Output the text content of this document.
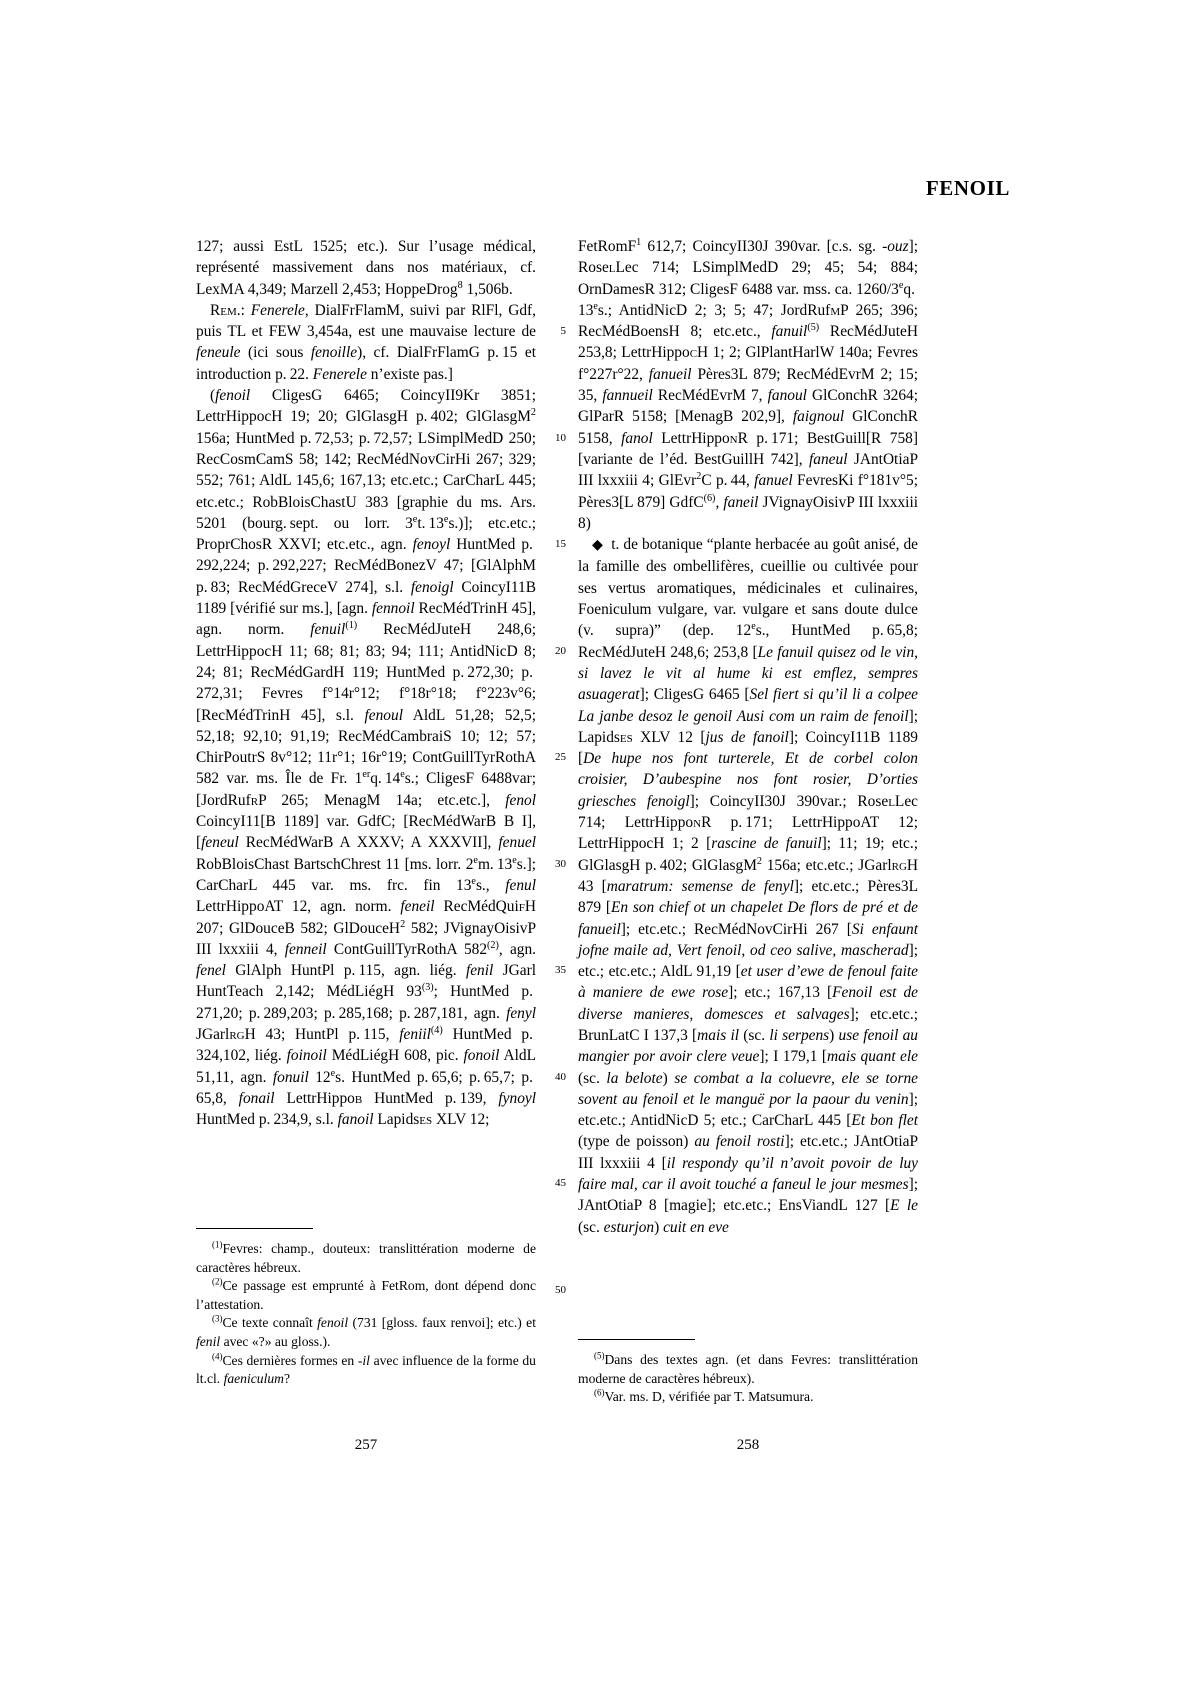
FENOIL
5
10
15
20
25
30
35
40
45
50

127; aussi EstL 1525; etc.). Sur l’usage médical, représenté massivement dans nos matériaux, cf. LexMA 4,349; Marzell 2,453; HoppeDrog$^8$ 1,506b.

Rem.: Fenerele, DialFrFlamM, suivi par RlFl, Gdf, puis TL et FEW 3,454a, est une mauvaise lecture de feneule (ici sous fenoille), cf. DialFrFlamG p. 15 et introduction p. 22. Fenerele n’existe pas.]

(fenoil CligesG 6465; CoincyII9Kr 3851; LettrHippocH 19; 20; GlGlasgH p. 402; GlGlasgM$^2$ 156a; HuntMed p. 72,53; p. 72,57; LSimplMedD 250; RecCosmCamS 58; 142; RecMédNovCirHi 267; 329; 552; 761; AldL 145,6; 167,13; etc.etc.; CarCharL 445; etc.etc.; RobBloisChastU 383 [graphie du ms. Ars. 5201 (bourg. sept. ou lorr. 3et. 13es.)]; etc.etc.; ProprChosR XXVI; etc.etc., agn. fenoyl HuntMed p. 292,224; p. 292,227; RecMédBonezV 47; [GlAlphM p. 83; RecMédGreceV 274], s.l. fenoigl CoincyI11B 1189 [vérifié sur ms.], [agn. fennoil RecMédTrinH 45], agn. norm. fenuil$^{(1)}$ RecMédJuteH 248,6; LettrHippocH 11; 68; 81; 83; 94; 111; AntidNicD 8; 24; 81; RecMédGardH 119; HuntMed p. 272,30; p. 272,31; Fevres f°14r°12; f°18r°18; f°223v°6; [RecMédTrinH 45], s.l. fenoul AldL 51,28; 52,5; 52,18; 92,10; 91,19; RecMédCambraiS 10; 12; 57; ChirPoutrS 8v°12; 11r°1; 16r°19; ContGuillTyrRothA 582 var. ms. Île de Fr. 1erq. 14es.; CligesF 6488var; [JordRufrP 265; MenagM 14a; etc.etc.], fenol CoincyI11[B 1189] var. GdfC; [RecMédWarB B I], [feneul RecMédWarB A XXXV; A XXXVII], fenuel RobBloisChast BartschChrest 11 [ms. lorr. 2em. 13es.]; CarCharL 445 var. ms. frc. fin 13es., fenul LettrHippoAT 12, agn. norm. feneil RecMédQuifH 207; GlDouceB 582; GlDouceH$^2$ 582; JVignayOisivP III lxxxiii 4, fenneil ContGuillTyrRothA 582$^{(2)}$, agn. fenel GlAlph HuntPl p. 115, agn. liég. fenil JGarl HuntTeach 2,142; MédLiégH 93$^{(3)}$; HuntMed p. 271,20; p. 289,203; p. 285,168; p. 287,181, agn. fenyl JGarlrgH 43; HuntPl p. 115, feniil$^{(4)}$ HuntMed p. 324,102, liég. foinoil MédLiégH 608, pic. fonoil AldL 51,11, agn. fonuil 12es. HuntMed p. 65,6; p. 65,7; p. 65,8, fonail LettrHippob HuntMed p. 139, fynoyl HuntMed p. 234,9, s.l. fanoil Lapidses XLV 12;

$^{(1)}$Fevres: champ., douteux: translittération moderne de caractères hébreux.

$^{(2)}$Ce passage est emprunté à FetRom, dont dépend donc l’attestation.

$^{(3)}$Ce texte connaît fenoil (731 [gloss. faux renvoi]; etc.) et fenil avec «?» au gloss.).

$^{(4)}$Ces dernières formes en -il avec influence de la forme du lt.cl. faeniculum?

FetRomF$^1$ 612,7; CoincyII30J 390var. [c.s. sg. -ouz]; RoselLec 714; LSimplMedD 29; 45; 54; 884; OrnDamesR 312; CligesF 6488 var. mss. ca. 1260/3eq. 13es.; AntidNicD 2; 3; 5; 47; JordRufmP 265; 396; RecMédBoensH 8; etc.etc., fanuil$^{(5)}$ RecMédJuteH 253,8; LettrHippocH 1; 2; GlPlantHarlW 140a; Fevres f°227r°22, fanueil Pères3L 879; RecMédEvrM 2; 15; 35, fannueil RecMédEvrM 7, fanoul GlConchR 3264; GlParR 5158; [MenagB 202,9], faignoul GlConchR 5158, fanol LettrHipponR p. 171; BestGuill[R 758] [variante de l’éd. BestGuillH 742], faneul JAntOtiaP III lxxxiii 4; GlEvr$^2$C p. 44, fanuel FevresKi f°181v°5; Pères3[L 879] GdfC$^{(6)}$, faneil JVignayOisivP III lxxxiii 8)

◆  t. de botanique “plante herbacée au goût anisé, de la famille des ombellifères, cueillie ou cultivée pour ses vertus aromatiques, médicinales et culinaires, Foeniculum vulgare, var. vulgare et sans doute dulce (v. supra)” (dep. 12es., HuntMed p. 65,8; RecMédJuteH 248,6; 253,8 [Le fanuil quisez od le vin, si lavez le vit al hume ki est emflez, sempres asuagerat]; CligesG 6465 [Sel fiert si qu’il li a colpee La janbe desoz le genoil Ausi com un raim de fenoil]; Lapidses XLV 12 [jus de fanoil]; CoincyI11B 1189 [De hupe nos font turterele, Et de corbel colon croisier, D’aubespine nos font rosier, D’orties griesches fenoigl]; CoincyII30J 390var.; RoselLec 714; LettrHipponR p. 171; LettrHippoAT 12; LettrHippocH 1; 2 [rascine de fanuil]; 11; 19; etc.; GlGlasgH p. 402; GlGlasgM$^2$ 156a; etc.etc.; JGarlrgH 43 [maratrum: semense de fenyl]; etc.etc.; Pères3L 879 [En son chief ot un chapelet De flors de pré et de fanueil]; etc.etc.; RecMédNovCirHi 267 [Si enfaunt jofne maile ad, Vert fenoil, od ceo salive, mascherad]; etc.; etc.etc.; AldL 91,19 [et user d’ewe de fenoul faite à maniere de ewe rose]; etc.; 167,13 [Fenoil est de diverse manieres, domesces et salvages]; etc.etc.; BrunLatC I 137,3 [mais il (sc. li serpens) use fenoil au mangier por avoir clere veue]; I 179,1 [mais quant ele (sc. la belote) se combat a la coluevre, ele se torne sovent au fenoil et le manguë por la paour du venin]; etc.etc.; AntidNicD 5; etc.; CarCharL 445 [Et bon flet (type de poisson) au fenoil rosti]; etc.etc.; JAntOtiaP III lxxxiii 4 [il respondy qu’il n’avoit povoir de luy faire mal, car il avoit touché a faneul le jour mesmes]; JAntOtiaP 8 [magie]; etc.etc.; EnsViandL 127 [E le (sc. esturjon) cuit en eve

$^{(5)}$Dans des textes agn. (et dans Fevres: translittération moderne de caractères hébreux).

$^{(6)}$Var. ms. D, vérifiée par T. Matsumura.

257	258
